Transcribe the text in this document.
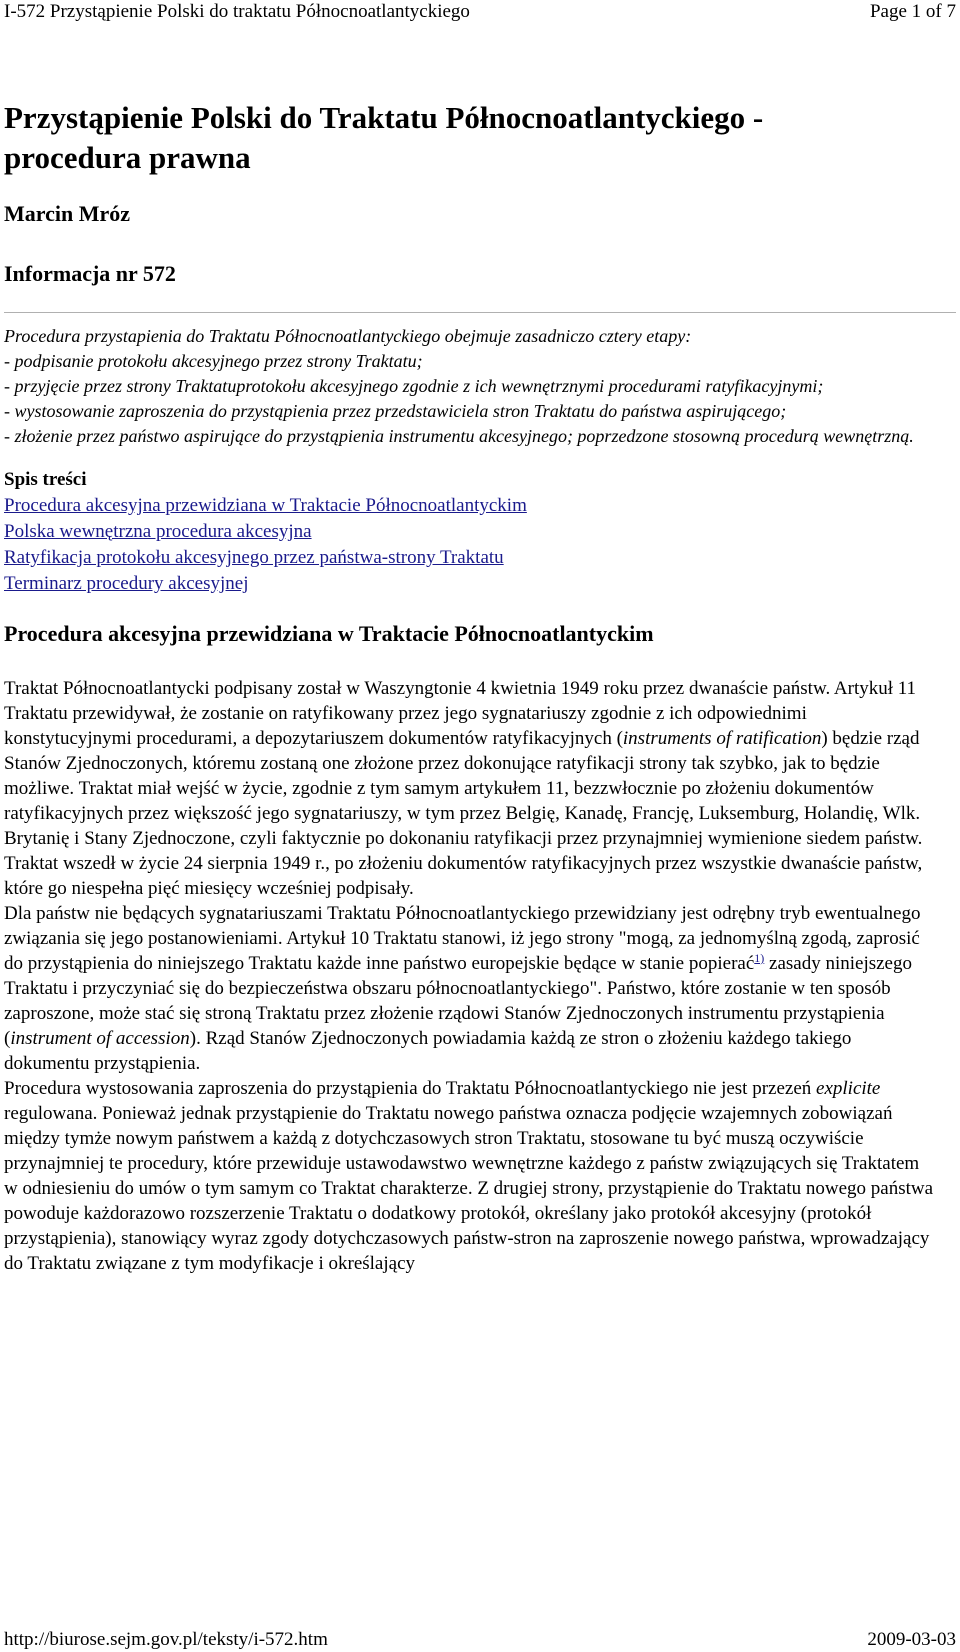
I-572 Przystąpienie Polski do traktatu Północnoatlantyckiego	Page 1 of 7
Przystąpienie Polski do Traktatu Północnoatlantyckiego - procedura prawna
Marcin Mróz
Informacja nr 572
Procedura przystapienia do Traktatu Północnoatlantyckiego obejmuje zasadniczo cztery etapy:
- podpisanie protokołu akcesyjnego przez strony Traktatu;
- przyjęcie przez strony Traktatuprotokołu akcesyjnego zgodnie z ich wewnętrznymi procedurami ratyfikacyjnymi;
- wystosowanie zaproszenia do przystąpienia przez przedstawiciela stron Traktatu do państwa aspirującego;
- złożenie przez państwo aspirujące do przystąpienia instrumentu akcesyjnego; poprzedzone stosowną procedurą wewnętrzną.
Spis treści
Procedura akcesyjna przewidziana w Traktacie Północnoatlantyckim
Polska wewnętrzna procedura akcesyjna
Ratyfikacja protokołu akcesyjnego przez państwa-strony Traktatu
Terminarz procedury akcesyjnej
Procedura akcesyjna przewidziana w Traktacie Północnoatlantyckim

Traktat Północnoatlantycki podpisany został w Waszyngtonie 4 kwietnia 1949 roku przez dwanaście państw. Artykuł 11 Traktatu przewidywał, że zostanie on ratyfikowany przez jego sygnatariuszy zgodnie z ich odpowiednimi konstytucyjnymi procedurami, a depozytariuszem dokumentów ratyfikacyjnych (instruments of ratification) będzie rząd Stanów Zjednoczonych, któremu zostaną one złożone przez dokonujące ratyfikacji strony tak szybko, jak to będzie możliwe. Traktat miał wejść w życie, zgodnie z tym samym artykułem 11, bezzwłocznie po złożeniu dokumentów ratyfikacyjnych przez większość jego sygnatariuszy, w tym przez Belgię, Kanadę, Francję, Luksemburg, Holandię, Wlk. Brytanię i Stany Zjednoczone, czyli faktycznie po dokonaniu ratyfikacji przez przynajmniej wymienione siedem państw. Traktat wszedł w życie 24 sierpnia 1949 r., po złożeniu dokumentów ratyfikacyjnych przez wszystkie dwanaście państw, które go niespełna pięć miesięcy wcześniej podpisały.

Dla państw nie będących sygnatariuszami Traktatu Północnoatlantyckiego przewidziany jest odrębny tryb ewentualnego związania się jego postanowieniami. Artykuł 10 Traktatu stanowi, iż jego strony "mogą, za jednomyślną zgodą, zaprosić do przystąpienia do niniejszego Traktatu każde inne państwo europejskie będące w stanie popierać$^{1)}$ zasady niniejszego Traktatu i przyczyniać się do bezpieczeństwa obszaru północnoatlantyckiego". Państwo, które zostanie w ten sposób zaproszone, może stać się stroną Traktatu przez złożenie rządowi Stanów Zjednoczonych instrumentu przystąpienia (instrument of accession). Rząd Stanów Zjednoczonych powiadamia każdą ze stron o złożeniu każdego takiego dokumentu przystąpienia.

Procedura wystosowania zaproszenia do przystąpienia do Traktatu Północnoatlantyckiego nie jest przezeń explicite regulowana. Ponieważ jednak przystąpienie do Traktatu nowego państwa oznacza podjęcie wzajemnych zobowiązań między tymże nowym państwem a każdą z dotychczasowych stron Traktatu, stosowane tu być muszą oczywiście przynajmniej te procedury, które przewiduje ustawodawstwo wewnętrzne każdego z państw związujących się Traktatem w odniesieniu do umów o tym samym co Traktat charakterze. Z drugiej strony, przystąpienie do Traktatu nowego państwa powoduje każdorazowo rozszerzenie Traktatu o dodatkowy protokół, określany jako protokół akcesyjny (protokół przystąpienia), stanowiący wyraz zgody dotychczasowych państw-stron na zaproszenie nowego państwa, wprowadzający do Traktatu związane z tym modyfikacje i określający

http://biurose.sejm.gov.pl/teksty/i-572.htm	2009-03-03
